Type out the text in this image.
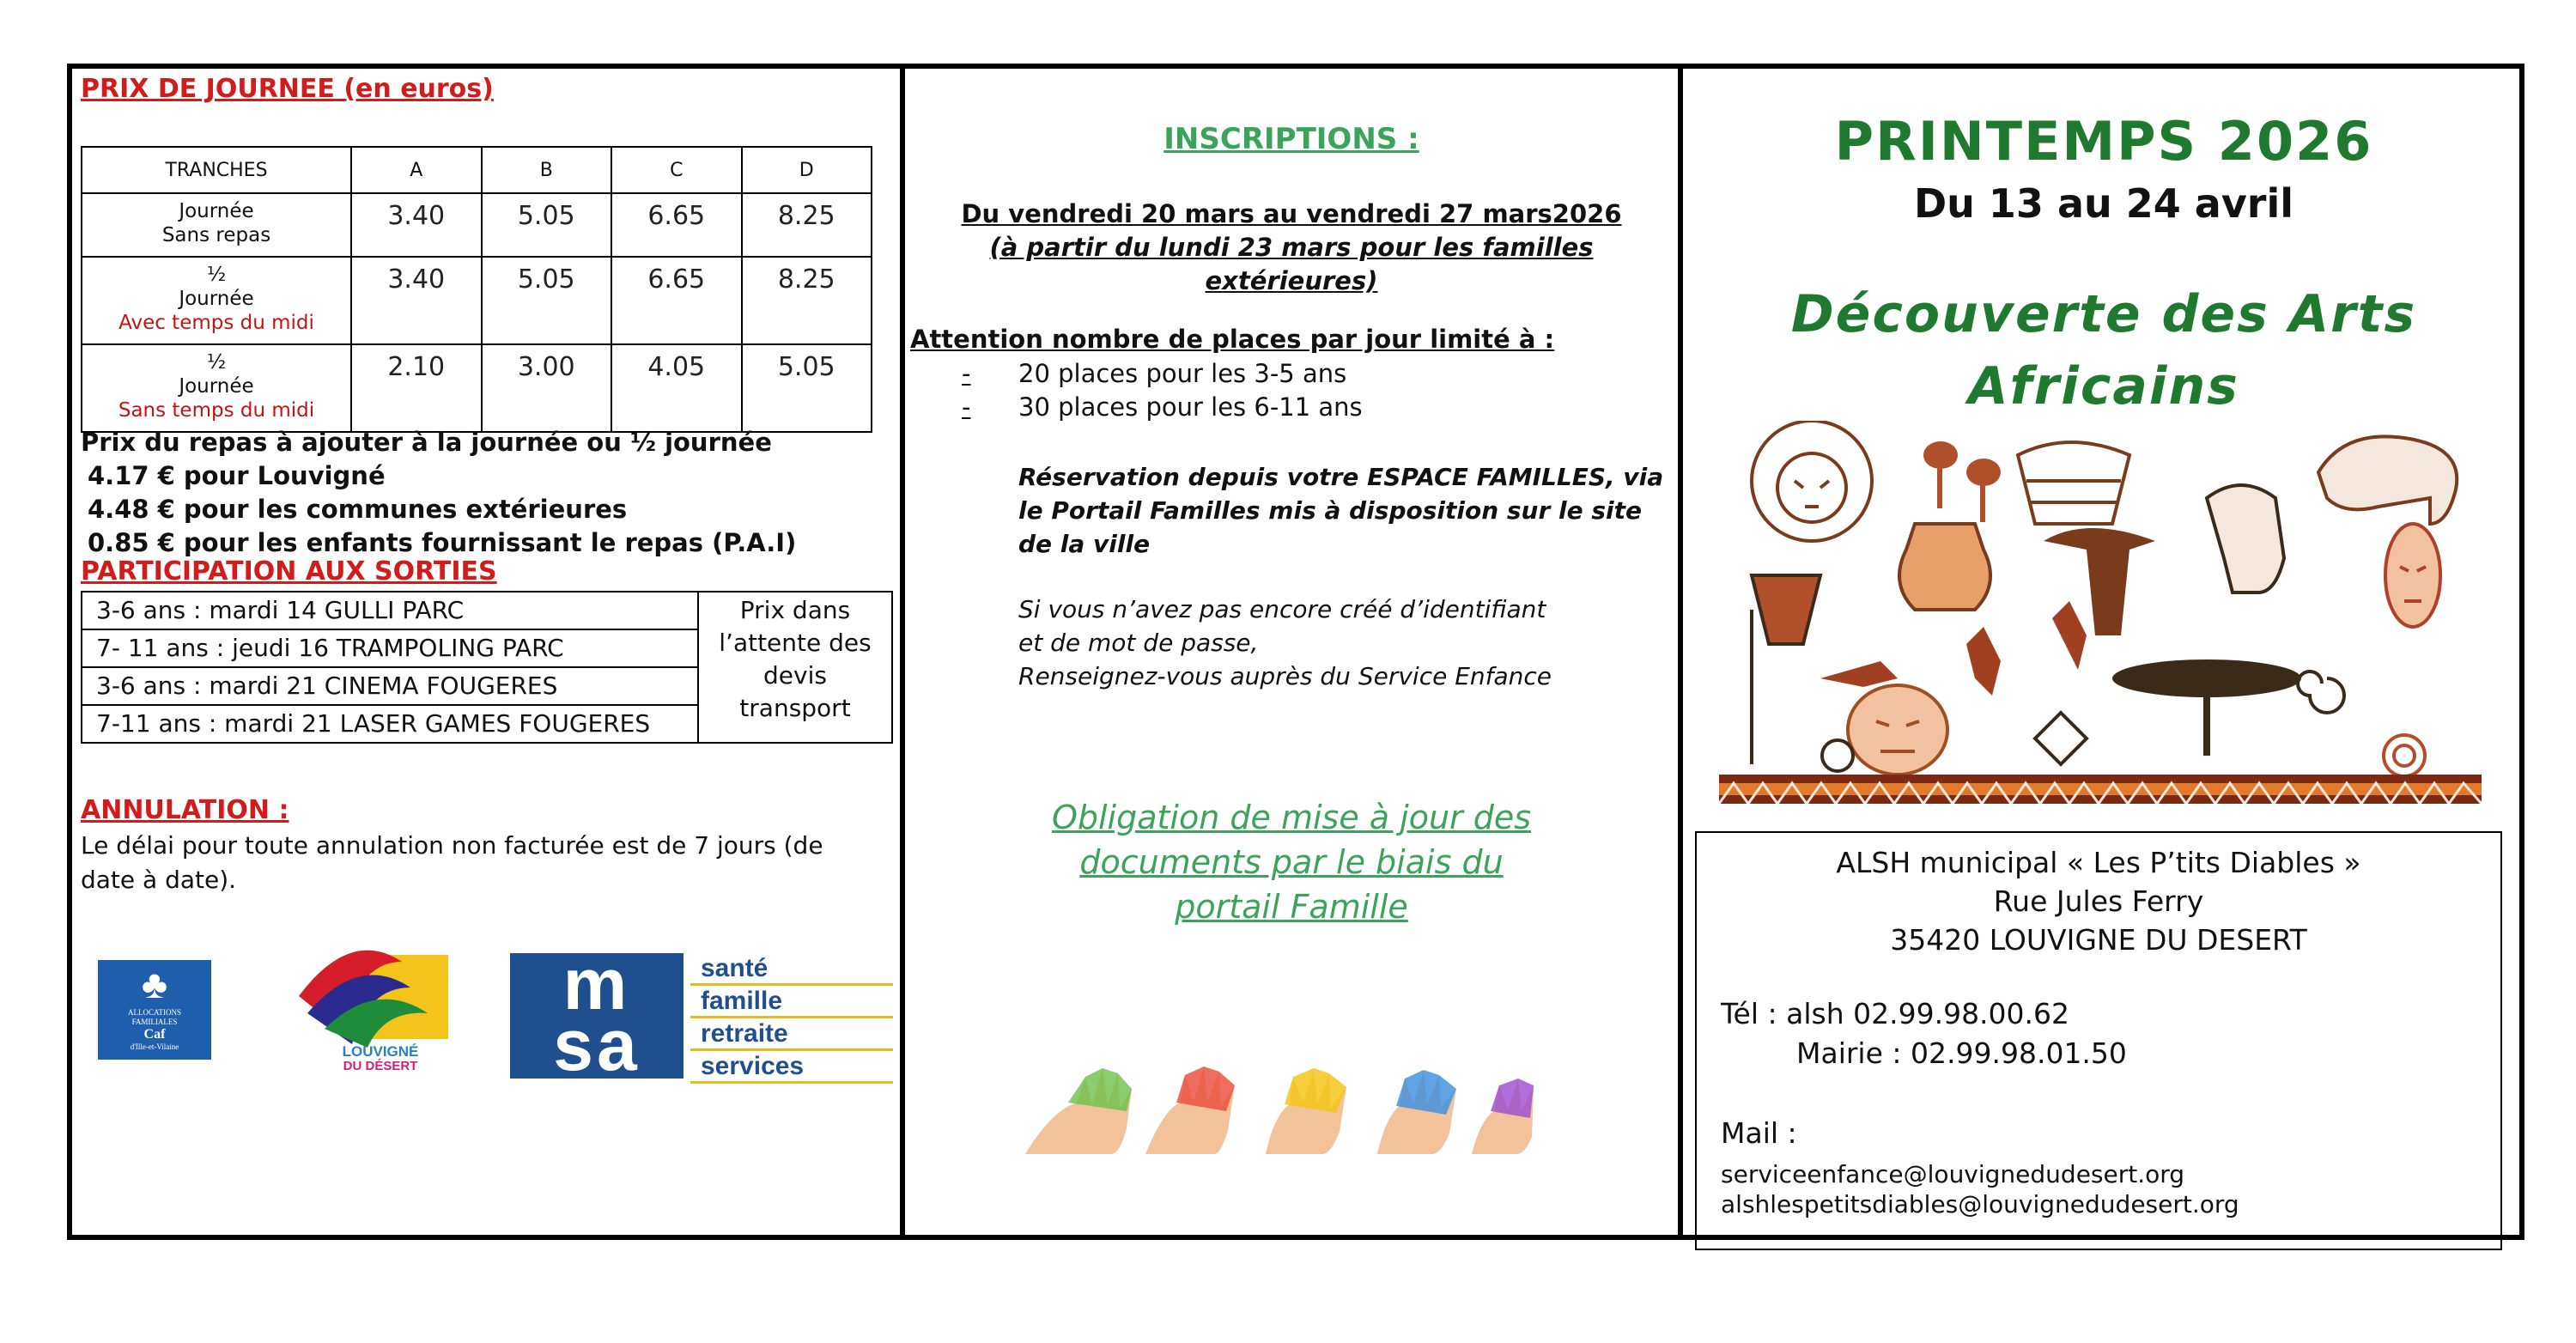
PRIX DE JOURNEE (en euros)
TRANCHES	A	B	C	D

Journée
Sans repas	3.40	5.05	6.65	8.25

½
Journée
Avec temps du midi	3.40	5.05	6.65	8.25

½
Journée
Sans temps du midi	2.10	3.00	4.05	5.05
Prix du repas à ajouter à la journée ou ½ journée
4.17 € pour Louvigné
4.48 € pour les communes extérieures
0.85 € pour les enfants fournissant le repas (P.A.I)
PARTICIPATION AUX SORTIES
3-6 ans : mardi 14 GULLI PARC	Prix dans l’attente des devis transport
7- 11 ans : jeudi 16 TRAMPOLING PARC
3-6 ans : mardi 21 CINEMA FOUGERES
7-11 ans : mardi 21 LASER GAMES FOUGERES
ANNULATION :
Le délai pour toute annulation non facturée est de 7 jours (de date à date).
♣
ALLOCATIONS
FAMILIALES
Caf
d'Ille-et-Vilaine	LOUVIGNÉ
DU DÉSERT
m
sa
santé
famille
retraite
services
INSCRIPTIONS :
Du vendredi 20 mars au vendredi 27 mars2026
(à partir du lundi 23 mars pour les familles
extérieures)
Attention nombre de places par jour limité à :
- 20 places pour les 3-5 ans
- 30 places pour les 6-11 ans
Réservation depuis votre ESPACE FAMILLES, via le Portail Familles mis à disposition sur le site de la ville
Si vous n’avez pas encore créé d’identifiant
et de mot de passe,
Renseignez-vous auprès du Service Enfance
Obligation de mise à jour des
documents par le biais du
portail Famille
PRINTEMPS 2026
Du 13 au 24 avril
Découverte des Arts
Africains
ALSH municipal « Les P’tits Diables »
Rue Jules Ferry
35420 LOUVIGNE DU DESERT
Tél : alsh 02.99.98.00.62
Mairie : 02.99.98.01.50
Mail :
serviceenfance@louvignedudesert.org
alshlespetitsdiables@louvignedudesert.org
